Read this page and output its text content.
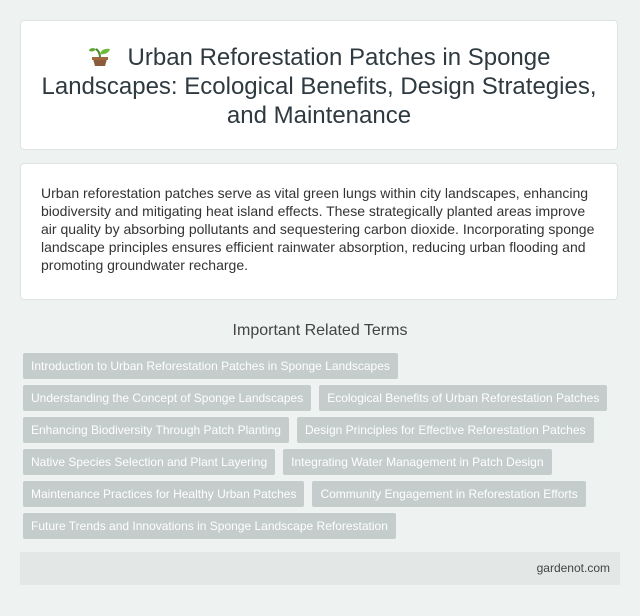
Urban Reforestation Patches in Sponge Landscapes: Ecological Benefits, Design Strategies, and Maintenance

Urban reforestation patches serve as vital green lungs within city landscapes, enhancing biodiversity and mitigating heat island effects. These strategically planted areas improve air quality by absorbing pollutants and sequestering carbon dioxide. Incorporating sponge landscape principles ensures efficient rainwater absorption, reducing urban flooding and promoting groundwater recharge.

Important Related Terms
Introduction to Urban Reforestation Patches in Sponge Landscapes
Understanding the Concept of Sponge Landscapes	Ecological Benefits of Urban Reforestation Patches
Enhancing Biodiversity Through Patch Planting	Design Principles for Effective Reforestation Patches
Native Species Selection and Plant Layering	Integrating Water Management in Patch Design
Maintenance Practices for Healthy Urban Patches	Community Engagement in Reforestation Efforts
Future Trends and Innovations in Sponge Landscape Reforestation
gardenot.com
